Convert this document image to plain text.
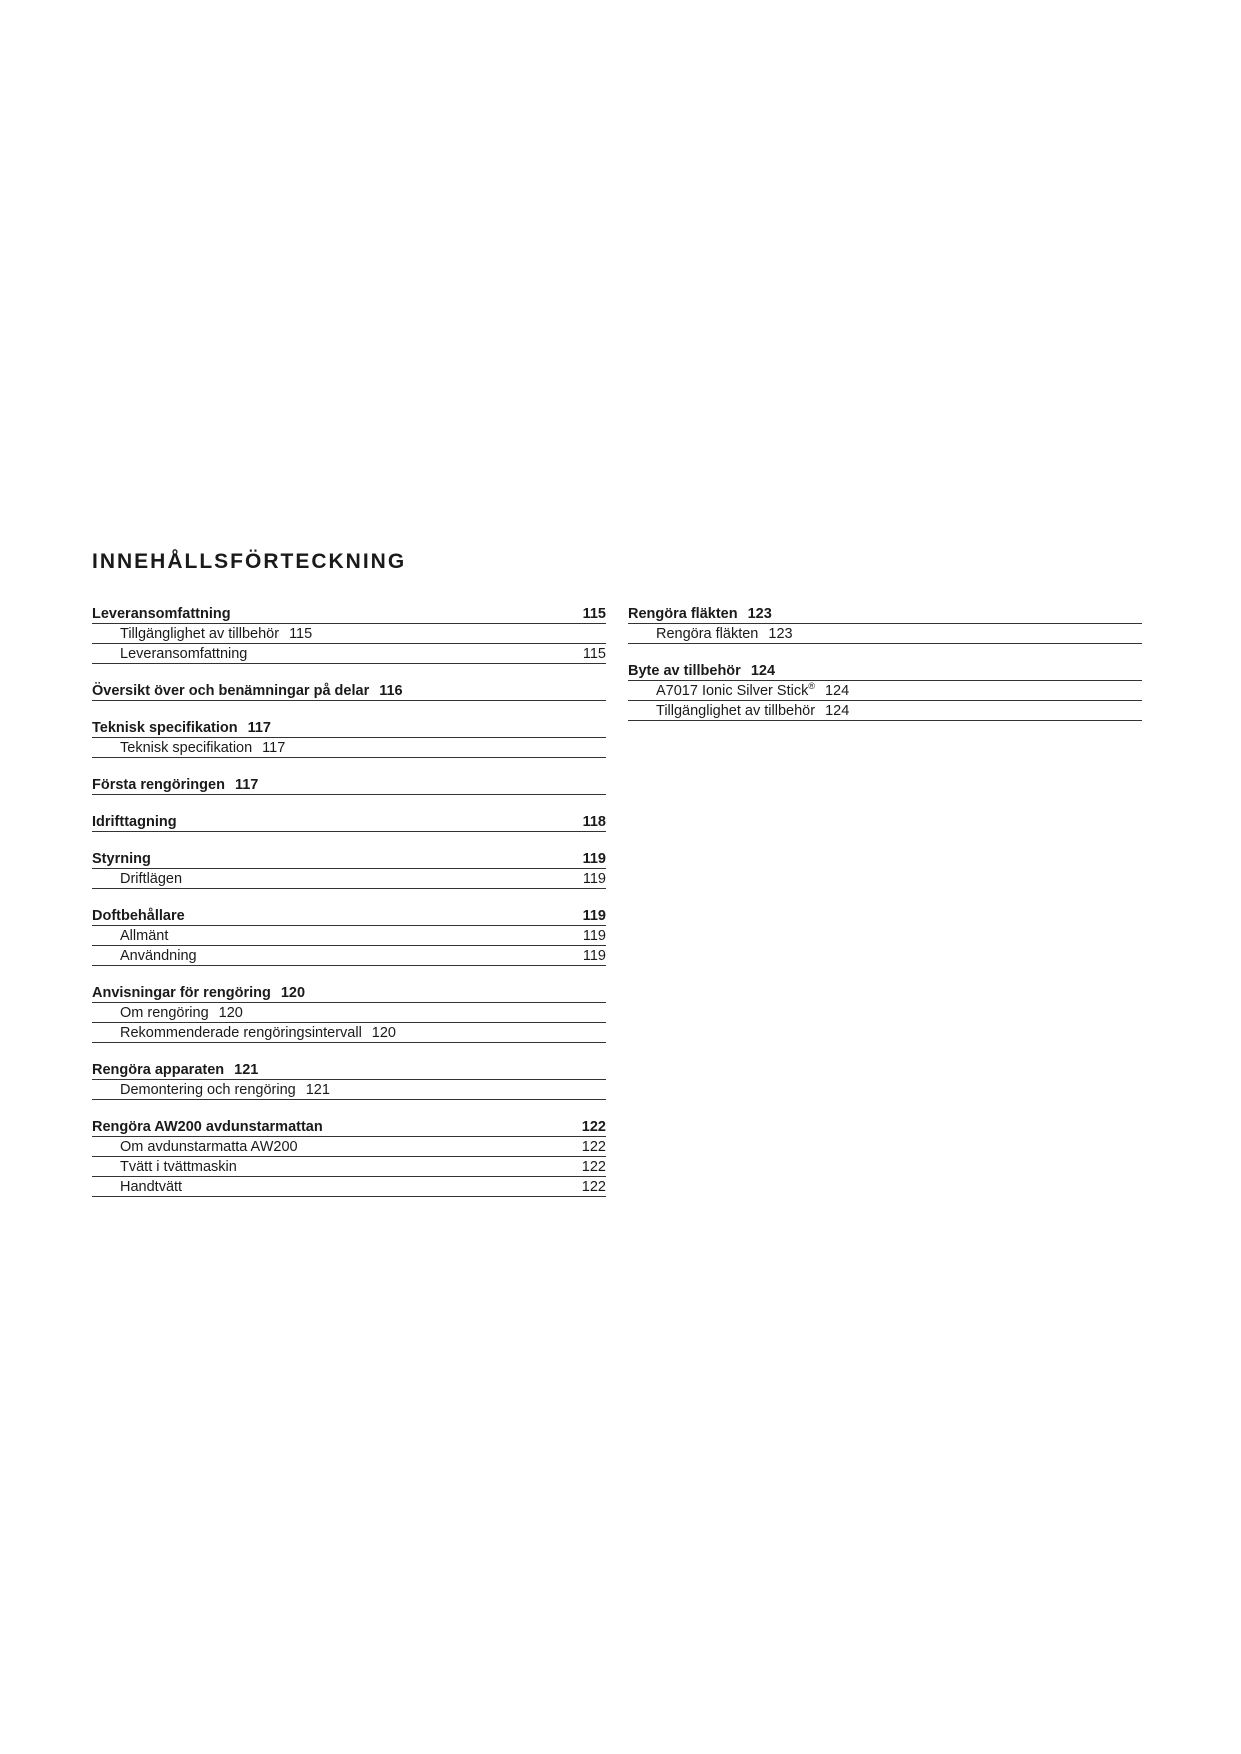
INNEHÅLLSFÖRTECKNING
Leveransomfattning	115
Tillgänglighet av tillbehör 115
Leveransomfattning	115
Översikt över och benämningar på delar 116
Teknisk specifikation 117
Teknisk specifikation 117
Första rengöringen 117
Idrifttagning	118
Styrning	119
Driftlägen	119
Doftbehållare	119
Allmänt	119
Användning	119
Anvisningar för rengöring 120
Om rengöring 120
Rekommenderade rengöringsintervall 120
Rengöra apparaten 121
Demontering och rengöring 121
Rengöra AW200 avdunstarmattan	122
Om avdunstarmatta AW200	122
Tvätt i tvättmaskin	122
Handtvätt	122
Rengöra fläkten 123
Rengöra fläkten 123
Byte av tillbehör 124
A7017 Ionic Silver Stick® 124
Tillgänglighet av tillbehör 124
